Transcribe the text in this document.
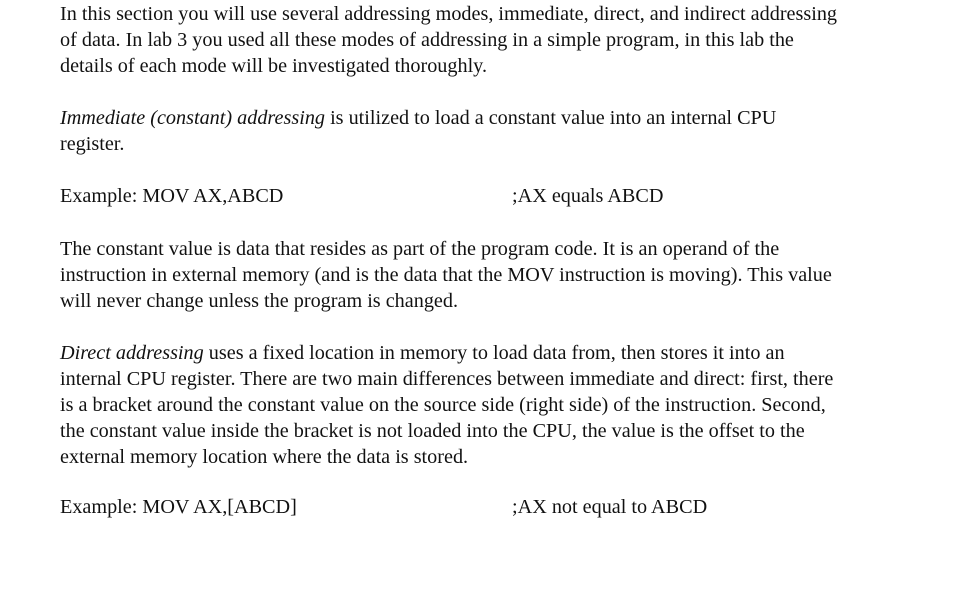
In this section you will use several addressing modes, immediate, direct, and indirect addressing
of data. In lab 3 you used all these modes of addressing in a simple program, in this lab the
details of each mode will be investigated thoroughly.

Immediate (constant) addressing is utilized to load a constant value into an internal CPU
register.

Example: MOV AX,ABCD	;AX equals ABCD

The constant value is data that resides as part of the program code. It is an operand of the
instruction in external memory (and is the data that the MOV instruction is moving). This value
will never change unless the program is changed.

Direct addressing uses a fixed location in memory to load data from, then stores it into an
internal CPU register. There are two main differences between immediate and direct: first, there
is a bracket around the constant value on the source side (right side) of the instruction. Second,
the constant value inside the bracket is not loaded into the CPU, the value is the offset to the
external memory location where the data is stored.

Example: MOV AX,[ABCD]	;AX not equal to ABCD
